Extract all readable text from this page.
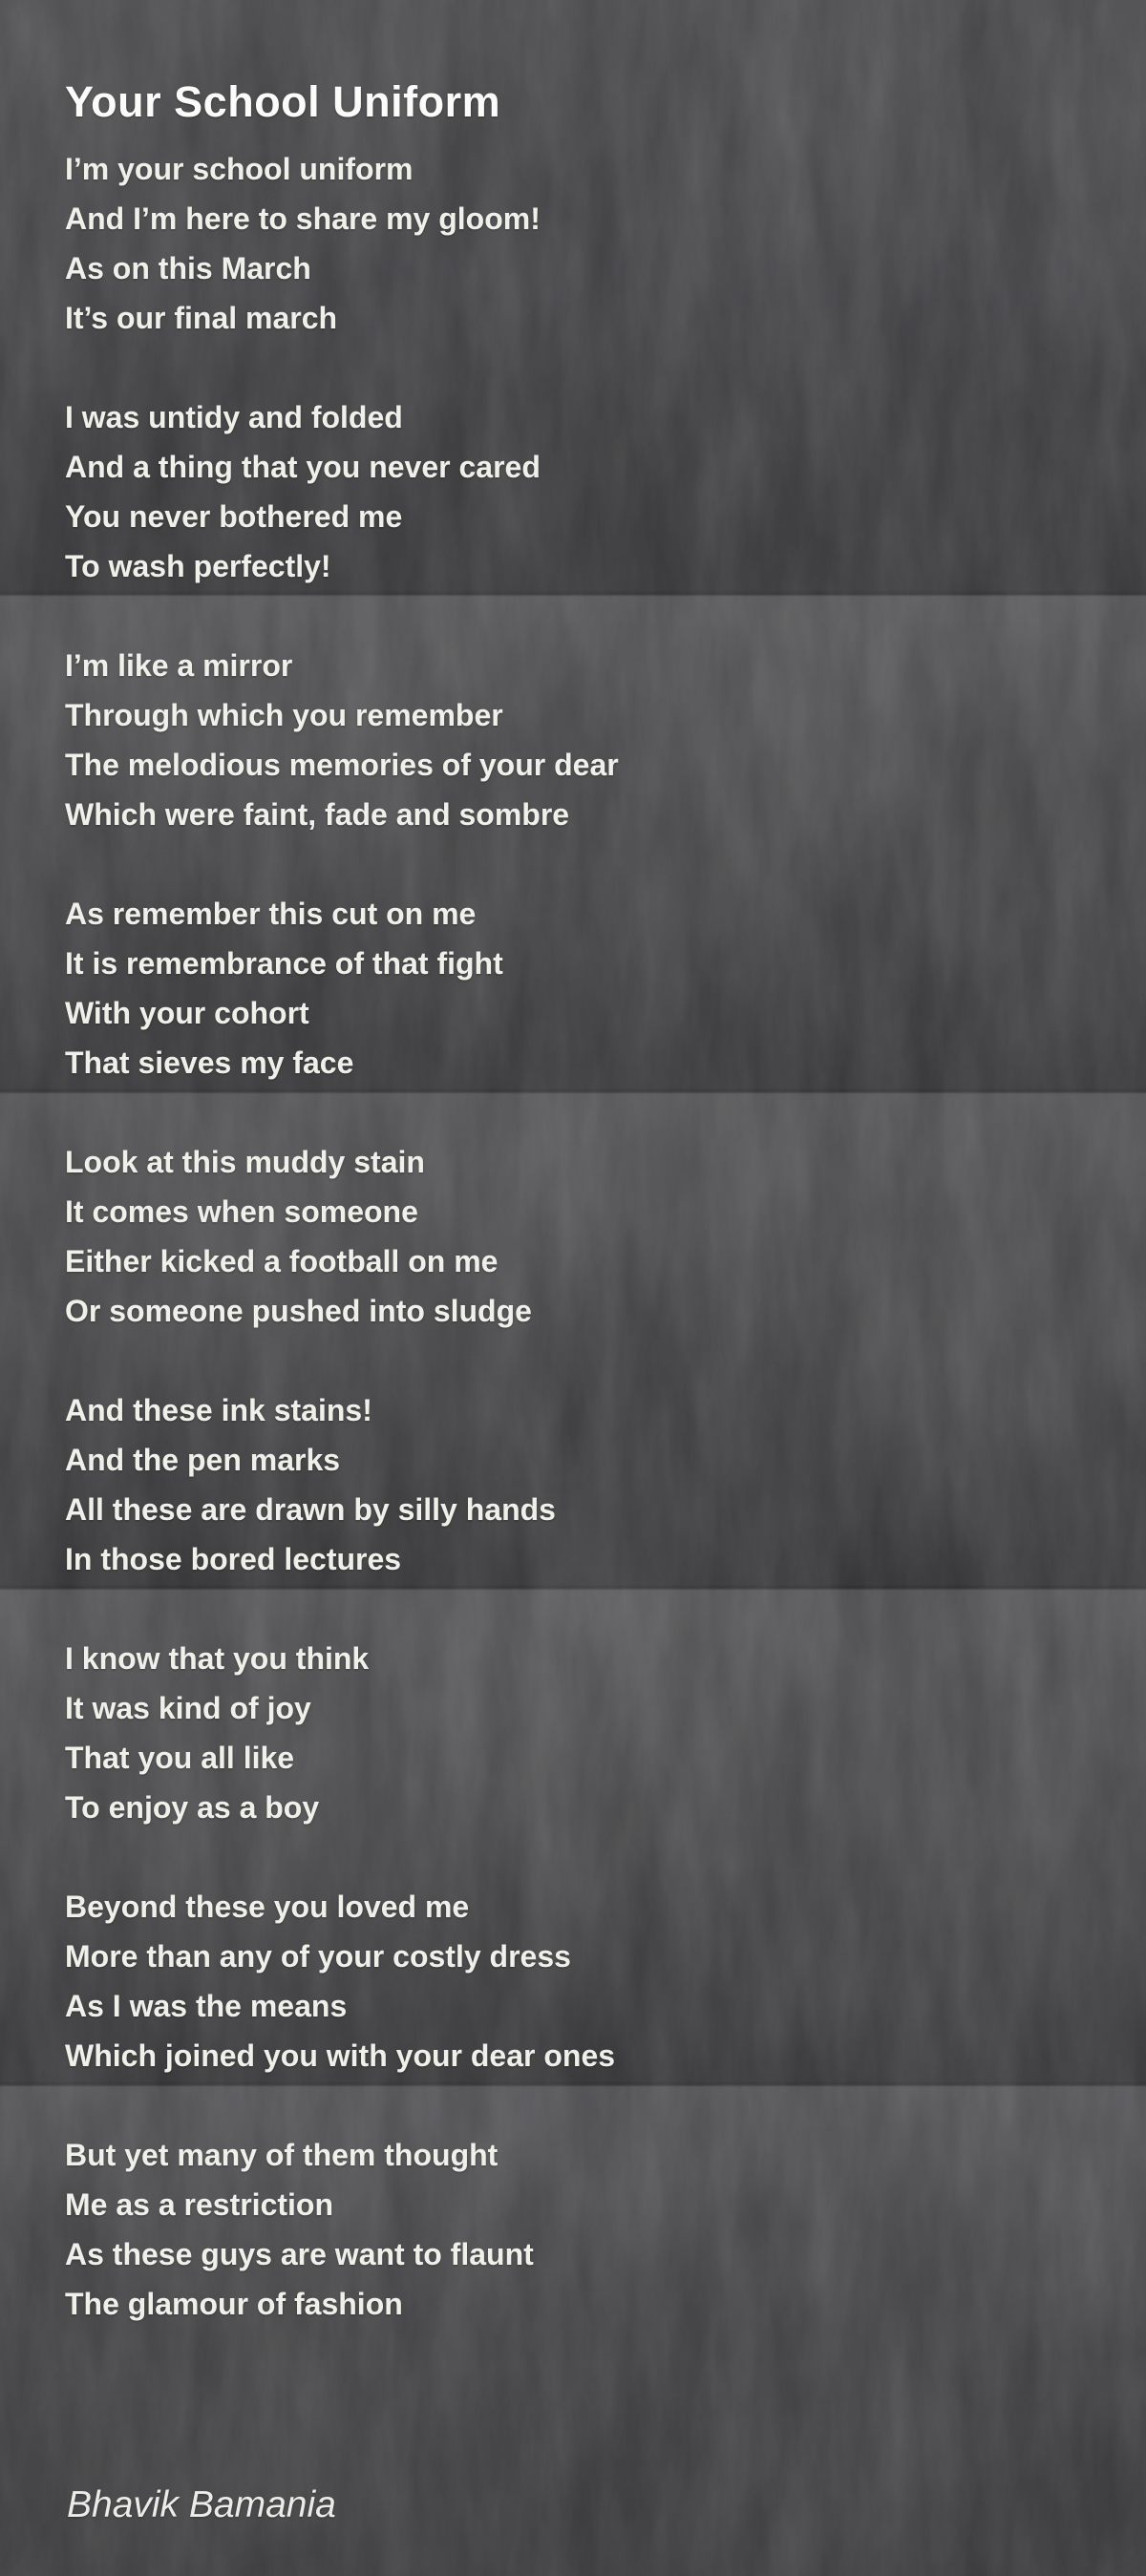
Your School Uniform

I’m your school uniform

And I’m here to share my gloom!

As on this March

It’s our final march

I was untidy and folded

And a thing that you never cared

You never bothered me

To wash perfectly!

I’m like a mirror

Through which you remember

The melodious memories of your dear

Which were faint, fade and sombre

As remember this cut on me

It is remembrance of that fight

With your cohort

That sieves my face

Look at this muddy stain

It comes when someone

Either kicked a football on me

Or someone pushed into sludge

And these ink stains!

And the pen marks

All these are drawn by silly hands

In those bored lectures

I know that you think

It was kind of joy

That you all like

To enjoy as a boy

Beyond these you loved me

More than any of your costly dress

As I was the means

Which joined you with your dear ones

But yet many of them thought

Me as a restriction

As these guys are want to flaunt

The glamour of fashion

Bhavik Bamania
